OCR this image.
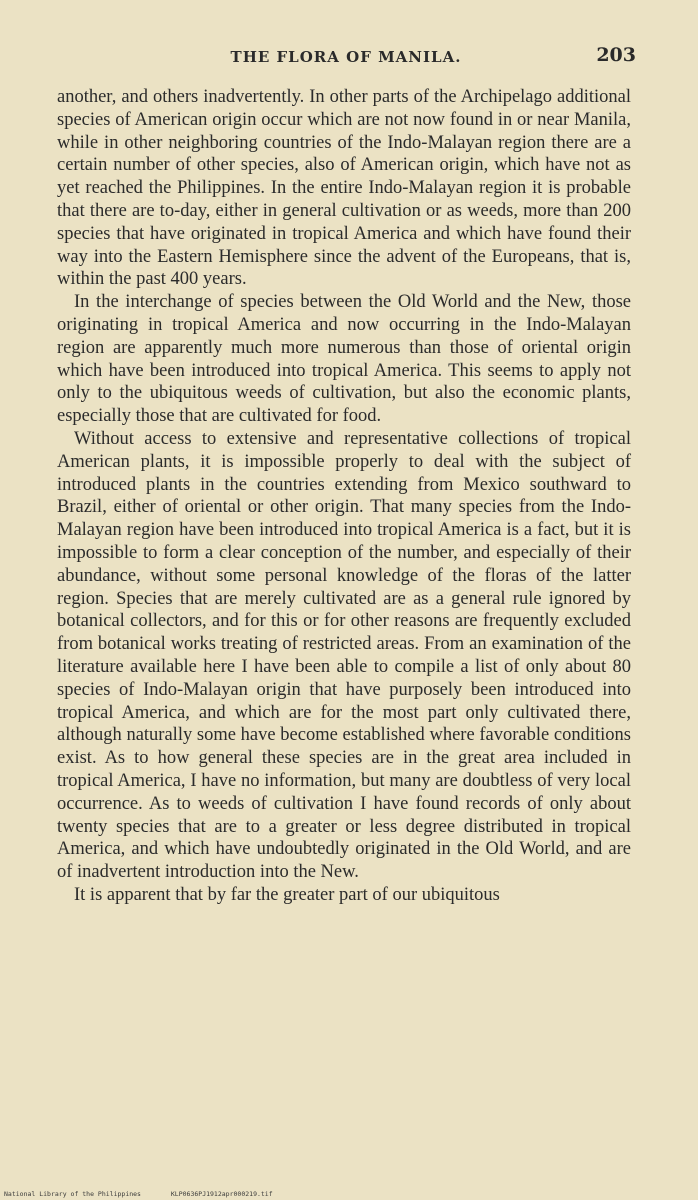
THE FLORA OF MANILA.	203

another, and others inadvertently. In other parts of the Archipelago additional species of American origin occur which are not now found in or near Manila, while in other neighboring countries of the Indo-Malayan region there are a certain number of other species, also of American origin, which have not as yet reached the Philippines. In the entire Indo-Malayan region it is probable that there are to-day, either in general cultivation or as weeds, more than 200 species that have originated in tropical America and which have found their way into the Eastern Hemisphere since the advent of the Europeans, that is, within the past 400 years.

In the interchange of species between the Old World and the New, those originating in tropical America and now occurring in the Indo-Malayan region are apparently much more numerous than those of oriental origin which have been introduced into tropical America. This seems to apply not only to the ubiquitous weeds of cultivation, but also the economic plants, especially those that are cultivated for food.

Without access to extensive and representative collections of tropical American plants, it is impossible properly to deal with the subject of introduced plants in the countries extending from Mexico southward to Brazil, either of oriental or other origin. That many species from the Indo-Malayan region have been introduced into tropical America is a fact, but it is impossible to form a clear conception of the number, and especially of their abundance, without some personal knowledge of the floras of the latter region. Species that are merely cultivated are as a general rule ignored by botanical collectors, and for this or for other reasons are frequently excluded from botanical works treating of restricted areas. From an examination of the literature available here I have been able to compile a list of only about 80 species of Indo-Malayan origin that have purposely been introduced into tropical America, and which are for the most part only cultivated there, although naturally some have become established where favorable conditions exist. As to how general these species are in the great area included in tropical America, I have no information, but many are doubtless of very local occurrence. As to weeds of cultivation I have found records of only about twenty species that are to a greater or less degree distributed in tropical America, and which have undoubtedly originated in the Old World, and are of inadvertent introduction into the New.

It is apparent that by far the greater part of our ubiquitous

National Library of the Philippines	KLP0636PJ1912apr000219.tif
